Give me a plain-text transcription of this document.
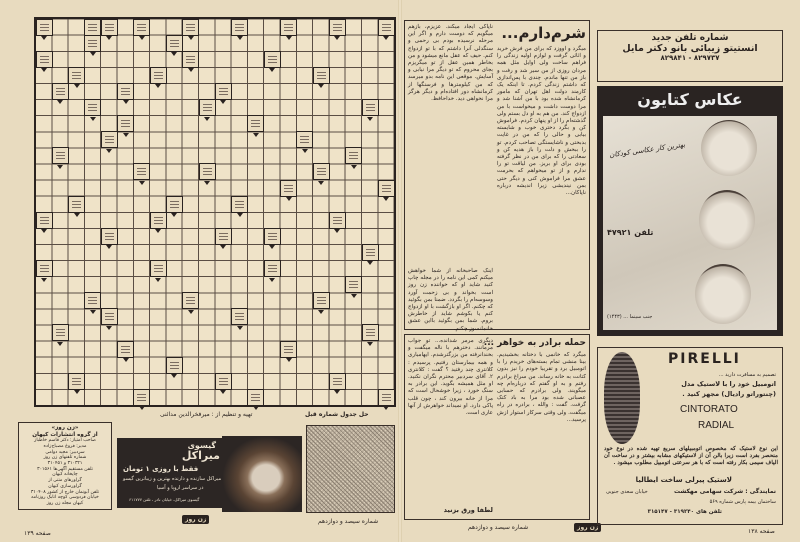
تهیه و تنظیم از : میرفخرالدین مدائنی	حل جدول شماره قبل
«زن روز»
از گروه انتشارات کیهان
صاحب امتیاز: دکتر قاسم خاطباز
مدیر: فروغ مصباح‌زاده
سردبیر: مجید دوامی
شماره تلفنهای زن روز
۳۱۰۳۲۱ و ۳۱۰۴۵۱
تلفن مستقیم آگهی‌ها ۳۰۱۵۶۱
چاپخانه کیهان
گراورهای متنی از
گراورسازی کیهان
تلفن آبونمان خارج از کشور ۳۱۰۴۰۸
خیابان فردوسی کوچه اتابک روزنامه
کیهان مجله زن روز
صفحه ۱۳۹
گیسوی
میراکل
فقط با روزی ۱ تومان
میراکل سازنده و دارنده بهترین و زیباترین گیسو
در سراسر اروپا و آسیا
گیسوی میراکل، خیابان نادر ، تلفن ۶۱۱۷۷۷
زن روز	شماره سیصد و دوازدهم
شرم‌دارم...
میگرد و اووزد که برای من فرش خرید و اثاثی گرفت و لوازم اولیه زندگی را فراهم ساخت ولی اوایل مثل همه مردان روزی از من سیر شد و رفت و باز من تنها ماندم. چندی با پس‌اندازی که داشتم زندگی کردم. تا اینکه یک کارمند دولت اهل تهران که مامور کرمانشاه شده بود با من آشنا شد و مرا دوست داشت و میخواست با من ازدواج کند. من هم به او دل بستم ولی گذشته‌ام را از او پنهان کردم. فراموش کن و بگرد دختری خوب و شایسته بیابی و حالی را که من در غایت بدبختی و ناشایستگی تصاحب کردم. تو را ببخش و دلت را باز هدیه کن و سعادتی را که برای من در نظر گرفته بودی برای او بریز. من لیاقت تو را ندارم و از تو میخواهم که بحرمت عشق مرا فراموش کنی و دیگر حتی بمن نیندیشی زیرا اندیشه درباره ناپاکان...
ناپاکی ایجاد میکند. عزیزم، بازهم میگویم که دوست دارم و اگر این مرحله نرسیده بودم بی رحمی و سنگدلی آنرا داشتم که با تو ازدواج کنم. حیف که عقل مانع میشود و من بخاطر همین عقل از تو میگریزم بجای محروم که تو دیگر مرا نیابی و آسایش. موقعی این نامه بدو میرسد که من کیلومترها و فرسنگها از کرمانشاه دور افتاده‌ام و دیگر هرگز مرا نخواهی دید. خداحافظ.
اینک صاحبخانه از شما خواهش میکنم کمی این نامه را در مجله چاپ کنید شاید او که خواننده زن روز است بخواند و بی زحمت آورد وسوسه‌ام را بگردد. ضمنا بمن بگوئید که چکنم. اگر او بازگشت با او ازدواج کنم یا بکوشم شاید از خاطرش بروم. شما بمن بگوئید بااین عشق خانمانسوز چکنم.
حمله برادر به خواهر ...
میگرد که خانمی با دختانه بخشیدیم. بینا منشی تمام بسته‌های خریدم را با اتومبیل برد و تقریبا خودم را نیز بدون کتانت به خانه رساند. من سراغ برادرم رفتم و به او گفتم که درباره‌ام چه میگویند. ولی برادرم که حسابی عصبانی شده بود مرا به باد کتک گرفت. گفت : والله ، برادره در راه میگفت. ولی وقتی سرکار استوار ازش پرسید...
دیگری مرمر شدانده... تو جواب مرمانند. دخترهم با ناله میگفت و بخندانرفته من بزرگترشدم. ایهامیاری و همه بیمارستان رفتیم. پرسیدم : کلانتری چند رفتید ؟ گفت : کلانتری ۲. آقای سردبیر محترم نگران نکنید. او مثل همیشه بگوید. این برادر به سنگ خورد ، زیرا خوشحال است که مرا از خانه بیرون کند ، چون قلب پاکی دارد. او نمیداند خواهرش از آنها عاری است.
لطفا ورق بزنید
شماره سیصد و دوازدهم	زن روز
شماره تلفن جدید
انستیتو زیبائی بانو دکتر مایل
۸۲۹۷۳۷ - ۸۲۹۸۴۱
عکاس کتایون
بهترین کار عکاسی کودکان
تلفن ۴۷۹۲۱
جنب سینما ... (۱۴۴۳)
PIRELLI
تصمیم به مسافرت دارید ...
اتومبیل خود را با لاستیک مدل
(چنتوراتو رادیال) مجهز کنید .
CINTORATO
RADIAL
این نوع لاستیک که مخصوص اتومبیلهای سریع تهیه شده در نوع خود منحصر بفرد است زیرا بالن آن از لاستیکهای مشابه بیشتر و در ساخت آن الیاف سیمی بکار رفته است که با هر سرعتی اتومبیل مطلوب میشود .
لاستیک پیرلی ساخت ایطالیا
نمایندگی : شرکت سهامی مهکشت
خیابان سعدی جنوبی
ساختمان بیمه پارس شماره ۵۶۹
تلفن های ۳۱۹۲۴۰ - ۳۱۵۱۴۷
صفحه ۱۳۸
